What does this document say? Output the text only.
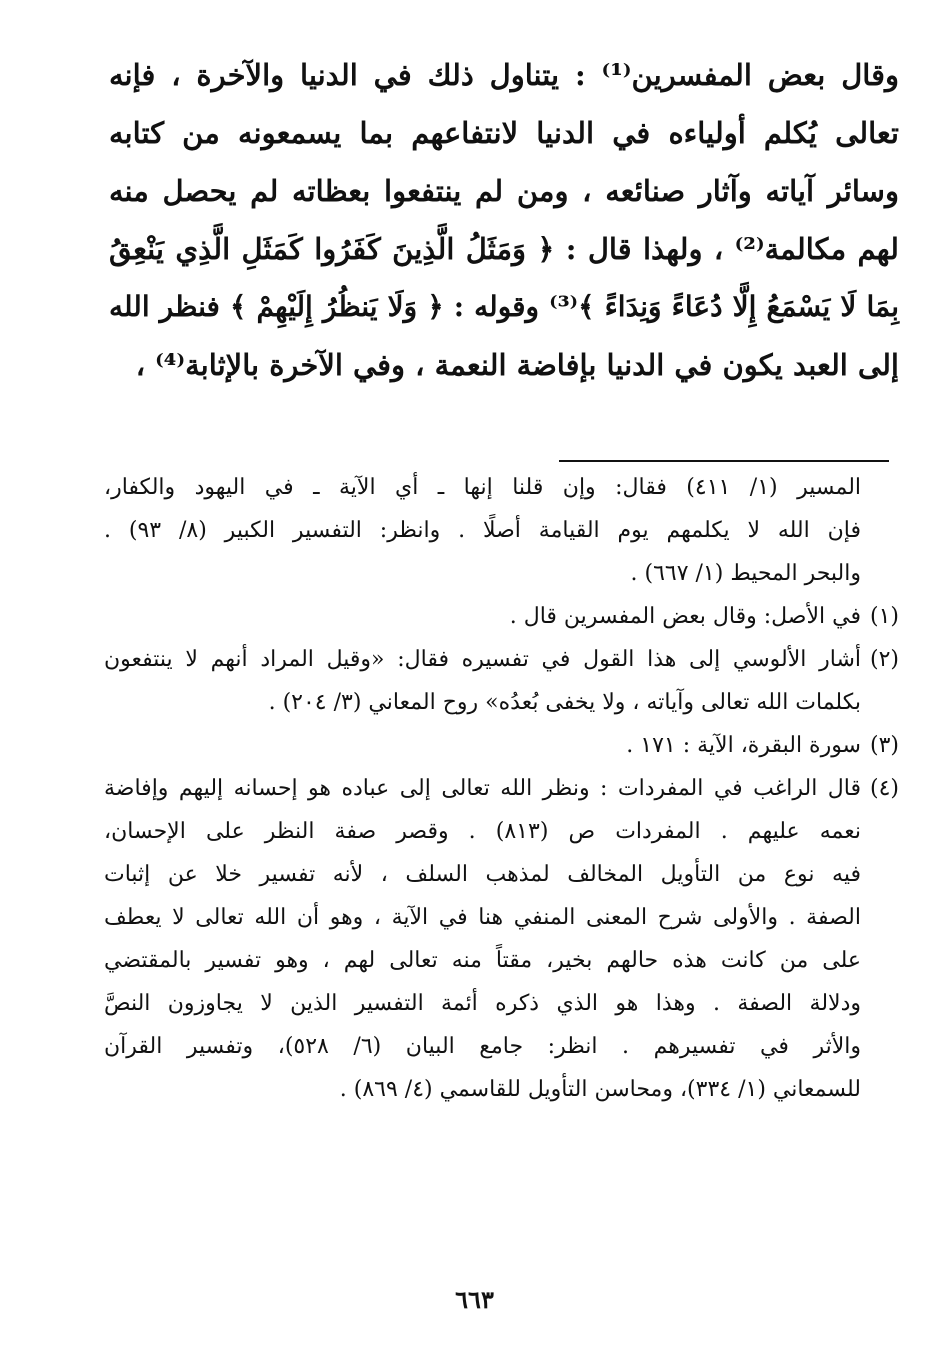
وقال بعض المفسرين⁽¹⁾ : يتناول ذلك في الدنيا والآخرة ، فإنه
تعالى يُكلم أولياءه في الدنيا لانتفاعهم بما يسمعونه من كتابه
وسائر آياته وآثار صنائعه ، ومن لم ينتفعوا بعظاته لم يحصل منه
لهم مكالمة⁽²⁾ ، ولهذا قال : ﴿ وَمَثَلُ الَّذِينَ كَفَرُوا كَمَثَلِ الَّذِي يَنْعِقُ
بِمَا لَا يَسْمَعُ إِلَّا دُعَاءً وَنِدَاءً ﴾⁽³⁾ وقوله : ﴿ وَلَا يَنظُرُ إِلَيْهِمْ ﴾ فنظر الله
إلى العبد يكون في الدنيا بإفاضة النعمة ، وفي الآخرة بالإثابة⁽⁴⁾ ،
المسير (١/ ٤١١) فقال: وإن قلنا إنها ـ أي الآية ـ في اليهود والكفار،
فإن الله لا يكلمهم يوم القيامة أصلًا . وانظر: التفسير الكبير (٨/ ٩٣) .
والبحر المحيط (١/ ٦٦٧) .
(١)في الأصل: وقال بعض المفسرين قال .
(٢)أشار الألوسي إلى هذا القول في تفسيره فقال: «وقيل المراد أنهم لا ينتفعون
بكلمات الله تعالى وآياته ، ولا يخفى بُعدُه» روح المعاني (٣/ ٢٠٤) .
(٣)سورة البقرة، الآية : ١٧١ .
(٤)قال الراغب في المفردات : ونظر الله تعالى إلى عباده هو إحسانه إليهم وإفاضة
نعمه عليهم . المفردات ص (٨١٣) . وقصر صفة النظر على الإحسان،
فيه نوع من التأويل المخالف لمذهب السلف ، لأنه تفسير خلا عن إثبات
الصفة . والأولى شرح المعنى المنفي هنا في الآية ، وهو أن الله تعالى لا يعطف
على من كانت هذه حالهم بخير، مقتاً منه تعالى لهم ، وهو تفسير بالمقتضي
ودلالة الصفة . وهذا هو الذي ذكره أئمة التفسير الذين لا يجاوزون النصَّ
والأثر في تفسيرهم . انظر: جامع البيان (٦/ ٥٢٨)، وتفسير القرآن
للسمعاني (١/ ٣٣٤)، ومحاسن التأويل للقاسمي (٤/ ٨٦٩) .
٦٦٣
